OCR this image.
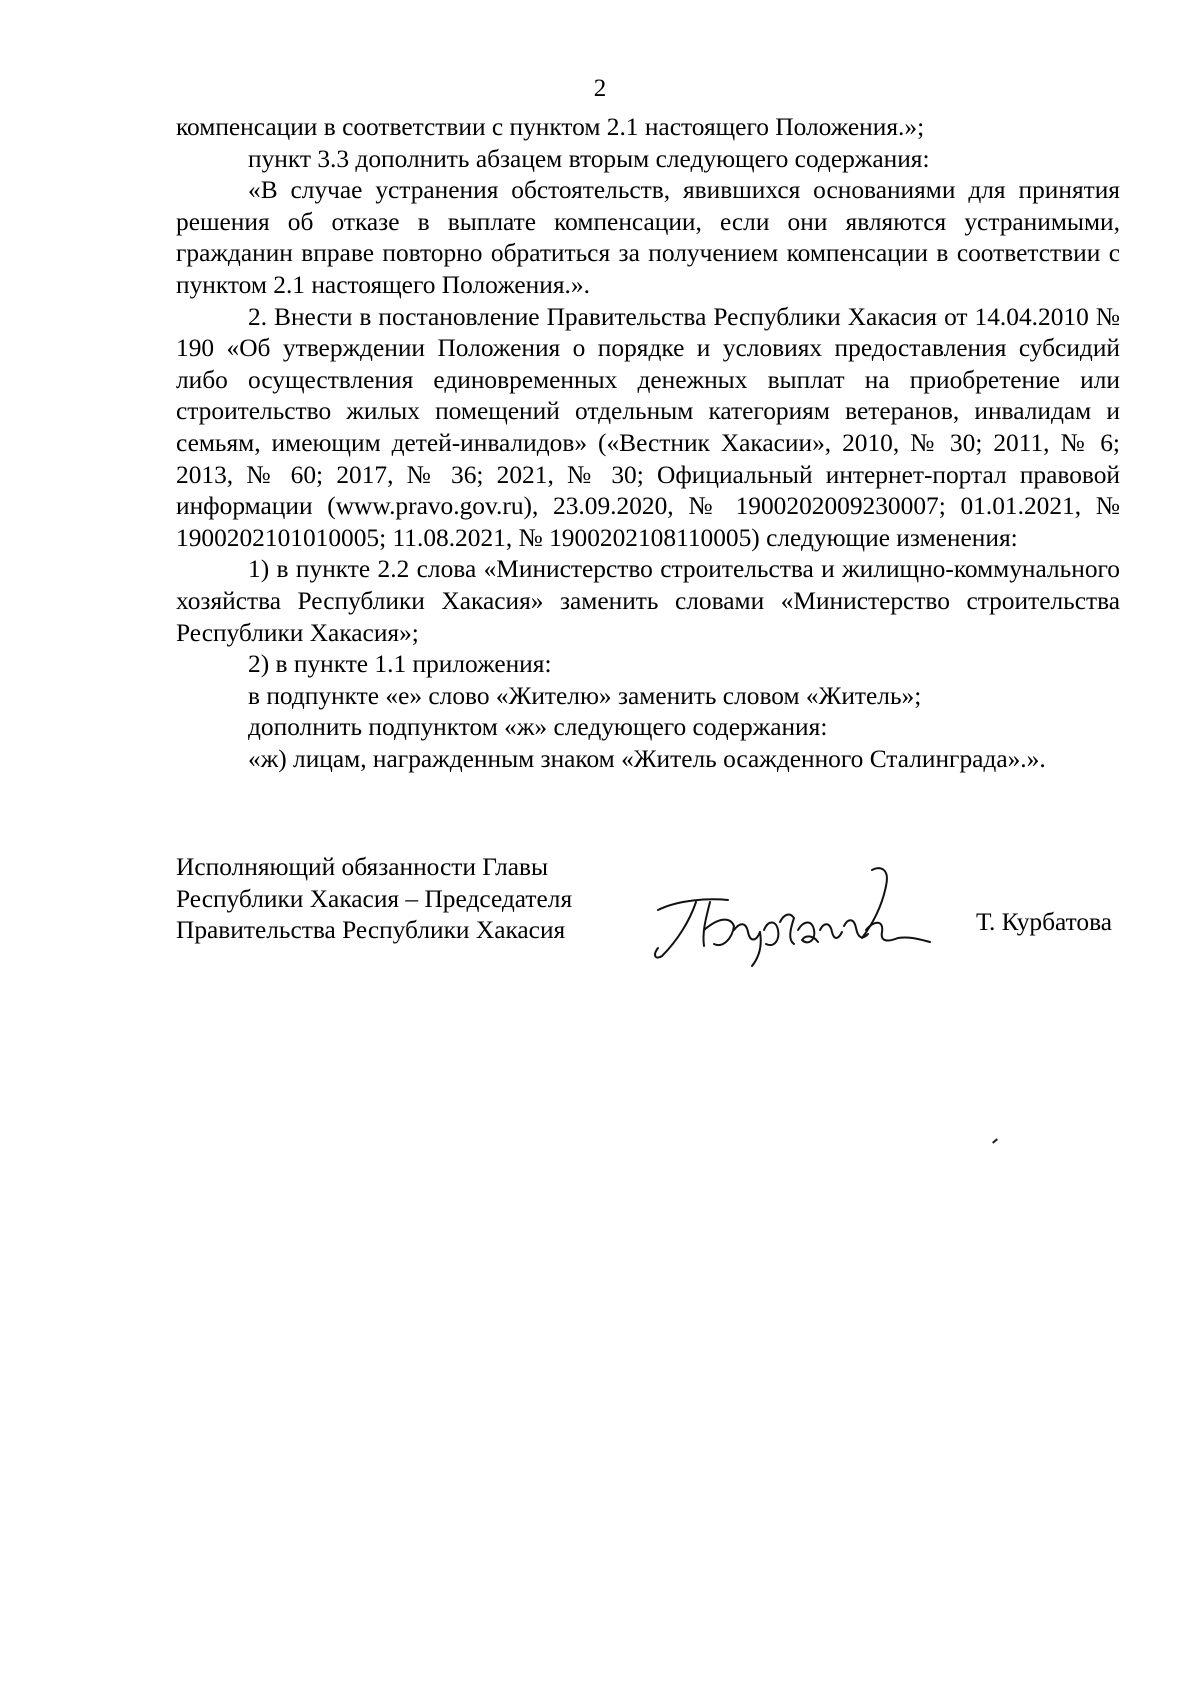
2

компенсации в соответствии с пунктом 2.1 настоящего Положения.»;

пункт 3.3 дополнить абзацем вторым следующего содержания:

«В случае устранения обстоятельств, явившихся основаниями для принятия решения об отказе в выплате компенсации, если они являются устранимыми, гражданин вправе повторно обратиться за получением компенсации в соответствии с пунктом 2.1 настоящего Положения.».

2. Внести в постановление Правительства Республики Хакасия от 14.04.2010 № 190 «Об утверждении Положения о порядке и условиях предоставления субсидий либо осуществления единовременных денежных выплат на приобретение или строительство жилых помещений отдельным категориям ветеранов, инвалидам и семьям, имеющим детей-инвалидов» («Вестник Хакасии», 2010, № 30; 2011, № 6; 2013, № 60; 2017, № 36; 2021, № 30; Официальный интернет-портал правовой информации (www.pravo.gov.ru), 23.09.2020, № 1900202009230007; 01.01.2021, № 1900202101010005; 11.08.2021, № 1900202108110005) следующие изменения:

1) в пункте 2.2 слова «Министерство строительства и жилищно-коммунального хозяйства Республики Хакасия» заменить словами «Министерство строительства Республики Хакасия»;

2) в пункте 1.1 приложения:

в подпункте «е» слово «Жителю» заменить словом «Житель»;

дополнить подпунктом «ж» следующего содержания:

«ж) лицам, награжденным знаком «Житель осажденного Сталинграда».».

Исполняющий обязанности Главы
Республики Хакасия – Председателя
Правительства Республики Хакасия	Т. Курбатова
